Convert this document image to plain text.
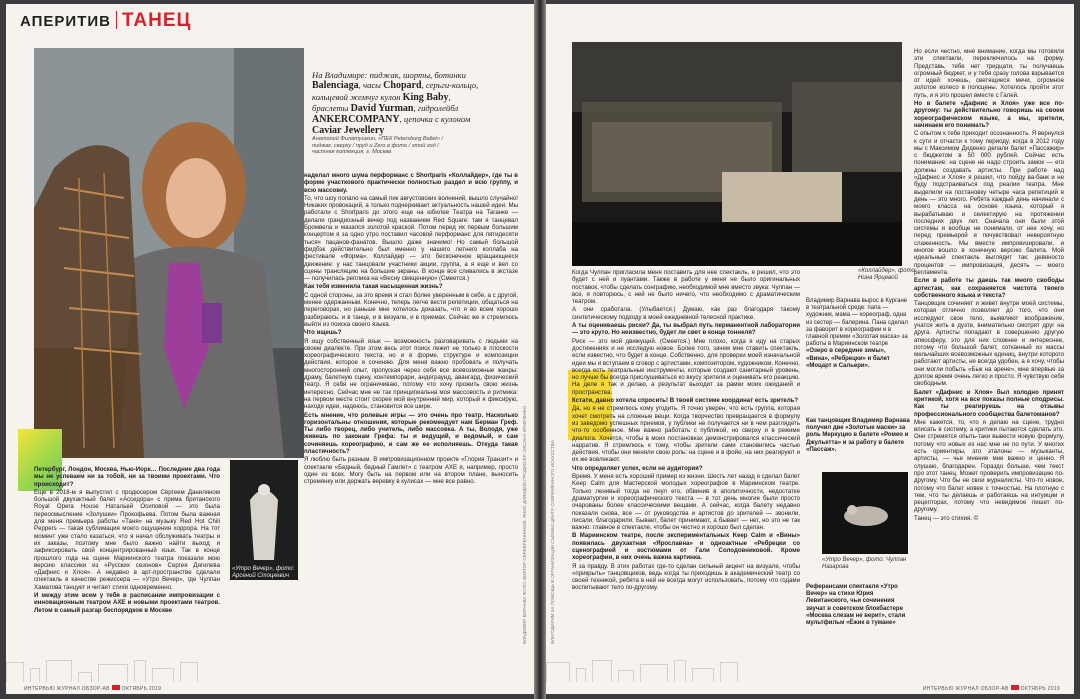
АПЕРИТИВ ТАНЕЦ
На Владимире: пиджак, шорты, ботинки Balenciaga, часы Chopard, серьги-кольцо, кольцевой жемчуг кулон King Baby, браслеты David Yurman, гидролейбл ANKERCOMPANY, цепочка с кулоном Caviar Jewellery
Анатолий Филатушкин, «ПЕК Petersburg Ballet» / пиджак, сверху / пруд и Zerо в фото / этой год / частная коллекция, г. Москва

наделал много шума перформанс с Shortparis «Коллайдер», где ты в форме участкового практически полностью раздел и всю группу, и всю массовку.

То, что шоу попало на самый пик августовских волнений, вышло случайно! Никаких провокаций, а только подчеркивает актуальность нашей идеи. Мы работали с Shortparis до этого еще на юбилее Театра на Таганке — делали грандиозный вечер под названием Red Square: там я танцевал Бромвела и мазался золотой краской. Потом перед их первым большим концертом я за одно утро поставил часовой перформанс для пятидесяти тысяч пацанов-фанатов. Вышло даже значимо! Но самый большой фидбэк действительно был именно у нашего летнего коллаба на фестивале «Форма». Коллайдер — это бесконечное вращающееся движение: у нас танцовали участники акции, группа, а я еще и вел со сцены трансляцию на большие экраны. В конце все сливались в экстазе — получилась реплика на «Весну священную» (Смеется.)

Как тебя изменила такая насыщенная жизнь?

С одной стороны, за это время я стал более уверенным в себе, а с другой, менее одержанным. Конечно, теперь легче вести репетиции, общаться на переговорах, но раньше мне хотелось доказать, что я во всем хорошо разбираюсь: и в танце, и в визуале, и в приемах. Сейчас же я стремлюсь выйти из поиска своего языка.

Что ищешь?

Я ищу собственный язык — возможность разговаривать с людьми на своем диалекте. При этом весь этот поиск лежит не только в плоскости хореографического текста, но и в форме, структуре и композиции действия, которое я сочиняю. Для меня важно пробовать и получать многосторонний опыт, пропуская через себя все всевозможные жанры: драму, балетную сцену, контемпорари, андеграунд, авангард, физический театр. Я себя не ограничиваю, потому что хочу прожить свою жизнь интересно. Сейчас мне не так принципиальна моя массовость и ритмика: на первом месте стоит скорее мой внутренний мир, который я фиксирую, находя идеи, надеюсь, становится все шире.

Есть мнение, что ролевые игры — это очень про театр. Насколько горизонтальны отношения, которые рекомендует нам Берман Греф. Ты либо творец, либо учитель, либо массовка. А ты, Володя, уже живешь по законам Грефа: ты и ведущий, и ведомый, и сам сочиняешь хореографию, и сам же ее исполняешь. Откуда такая пластичность?

Я люблю быть разным. В импровизационном проекте «Глория Транзит» и спектакле «Бедный, бедный Гамлет» с театром АХЕ я, например, просто один из всех. Могу быть на первом или на втором плане, выносить стремянку или держать веревку в кулисах — мне все равно.

Петербург, Лондон, Москва, Нью-Йорк… Последние два года мы не успеваем ни за тобой, ни за твоими проектами. Что происходит?

Еще в 2018-м я выпустил с продюсером Сергеем Даниляном большой двухактный балет «Асседора» с прима британского Royal Opera House Натальей Осиповой — это была переосмысление «Золушки» Прокофьева. Потом была важная для меня премьера работы «Таня» на музыку Red Hot Chili Peppers — такая сублимация моего ощущения хоррора. На тот момент уже стало казаться, что я начал обслуживать театры и их заказы, поэтому мне было важно найти выход и зафиксировать свой концентрированный язык. Так в конце прошлого года на сцене Мариинского театра показали мою версию классики из «Русских сезонов» Сергея Дягилева «Дафнис и Хлоя». А недавно в арт-пространстве сделали спектакль в качестве режиссера — «Утро Вечер», где Чулпан Хаматова танцует и читает стихи одновременно.

И между этим всем у тебя в расписании импровизации с инновационным театром АХЕ и новыми проектами театров. Летом в самый разгар беспорядков в Москве

«Утро Вечер», фото: Арсений Стоцкевич
ИНТЕРВЬЮ ЖУРНАЛ ОБЗОР-АВ ОКТЯБРЬ 2019
ВЛАДИМИР ВАРНАВА ФОТО: ВИКТОР СЕРЕБРЕННИКОВ, ЯНИС ДАВИДОВ ПРОДЮСЕР: ОКСАНА КРАВЧЕНКО
«Коллайдер», фото: Нина Ярцевой

Когда Чулпан пригласила меня поставить для нее спектакль, я решил, что это будет с ней и пуантами. Также в работе у меня не было оригинальных поставок, чтобы сделать сонграфию, необходимой мне вместо звука: Чулпан — все, я повторюсь, с ней не было ничего, что необходимо с драматическим театром.

А они сработала. (Улыбается.) Думаю, как раз благодаря такому синтетическому подходу в моей ежедневной телесной практике.

А ты оцениваешь риски? Да, ты выбрал путь перманентной лаборатории — это круто. Но неизвестно, будет ли свет в конце тоннеля?

Риск — это мой движущий. (Смеется.) Мне плохо, когда я иду на старых достижениях и не исследую новое. Более того, зачем мне ставить спектакль, если известно, что будет в конце. Собственно, для проверки моей изначальной идеи мы и вступаем в сговор с артистами, композитором, художником. Конечно, всегда есть театральные инструменты, которые создают санитарный уровень, но лучше бы всегда прислушиваться ко вкусу зрителя и оценивать его реакцию. На деле я так и делаю, а результат выходит за рамки моих ожиданий и пространства.

Кстати, давно хотела спросить! В твоей системе координат есть зритель?

Да, но я не стремлюсь кому угодить. Я точно уверен, что есть группа, которая хочет смотреть на сложные вещи. Когда творчество превращается в формулу из заведомо успешных приемов, у публики не получается ни в чем разглядеть что-то особенное. Мне важно работать с публикой, но сверху и в режиме диалога. Хочется, чтобы в моих постановках демонстрировался классический нарратив. Я стремлюсь к тому, чтобы зрители сами становились частью действия, чтобы они меняли свою роль: на сцене и в фойе, на них реагируют и их же вовлекают.

Что определяет успех, если не аудитория?

Время. У меня есть хороший пример из жизни. Шесть лет назад я сделал балет Keep Calm для Мастерской молодых хореографов в Мариинском театре. Только ленивый тогда не пнул его, обвинив в аполитичности, недостатке драматургии и хореографического текста — в тот день многие были просто очарованы более классическими вещами. А сейчас, когда балету недавно показали снова, все — от руководства и артистов до зрителей — звонили, писали, благодарили. Бывает, балет принимают, а бывает — нет, но это не так важно: главное в спектакле, чтобы он честно и хорошо был сделан.

В Мариинском театре, после экспериментальных Keep Calm и «Вины» появилась двухактная «Ярославна» и одноактные «Ребрецки со сценографией и костюмами от Гали Солодовниковой. Кроме хореографии, в них очень важна картинка.

Я за правду. В этих работах где-то сделан сильный акцент на визуале, чтобы «прикрыть» танцовщиков, ведь когда ты приходишь в академический театр со своей техникой, ребята в ней не всегда могут использовать, потому что годами воспитывают тело по-другому.

Владимир Варнава вырос в Кургане в театральной среде: папа — художник, мама — хореограф, одна из сестер — балерина. Пана сделал за фаворит в хореографии и в главной премии «Золотая маска» за работы в Мариинском театре «Озеро в середине зимы», «Вина», «Ребрецки» и балет «Моцарт и Сальери».
Как танцовщик Владимир Варнава получил две «Золотые маски» за роль Меркуцио в балете «Ромео и Джульетта» и за работу в балете «Пассаж».
«Утро Вечер», фото: Чулпан Назарова
Реферансами спектакля «Утро Вечер» на стихи Юрия Левитанского, чьи сочинения звучат в советском блокбастере «Москва слезам не верит», стали мультфильм «Ёжик в тумане»

Но если честно, мне внимание, когда мы готовили эти спектакли, переключилось на форму. Представь, тебе нет тридцати, ты получаешь огромный бюджет, и у тебя сразу голова взрывается от идей: хочешь, светящиеся мечи, огромное золотое колесо в полсцены. Хотелось пройти этот путь, и я это прошел вместе с Галей.

Но в балете «Дафнис и Хлоя» уже все по-другому: ты действительно говоришь на своем хореографическом языке, а мы, зрители, начинаем его понимать?

С опытом к тебе приходит осознанность. Я вернулся к сути и отчасти к тому периоду, когда в 2012 году мы с Максимом Диденко делали балет «Пассажир» с бюджетом в 50 000 рублей. Сейчас есть понимание: на сцене не надо строить замок — его должны создавать артисты. При работе над «Дафнис и Хлоя» я решил, что пойду ва-банк и не буду подстраиваться под реалии театра. Мне выделили на постановку четыре часа репетиций в день — это много. Ребята каждый день начинали с моего класса на основе языка, который я вырабатываю и селектирую на протяжении последних двух лет. Сначала они были этой системы и вообще не понимали, от нее хочу, но перед премьерой я почувствовал невероятную слаженность. Мы вместе импровизировали, и многое вошло в конечную версию балета. Мой идеальный спектакль выглядит так: девяносто процентов — импровизация, десять — моего регламента.

Если в работе ты даешь так много свободы артистам, как сохраняется чистота твоего собственного языка и текста?

Танцовщик сочиняет и живет внутри моей системы, которая отлично позволяет до того, что они исследуют свое тело, выявляют воображение, учатся жить в дуэте, внимательно смотрят друг на друга. Артисты попадают в совершенно другую атмосферу, это для них сложнее и интереснее, потому что большой балет, сотканный из массы мельчайших всевозможных единиц, внутри которого работают артисты, не всегда удобен, а я хочу, чтобы они могли побыть «Бык на арене», мне впервые за долгое время очень легко и просто. Я чувствую себя свободным.

Балет «Дафнис и Хлоя» был холодно принят критикой, хотя на все показы полные сподрисы. Как ты реагируешь на отзывы профессионального сообщества балетоманов?

Мне кажется, то, что я делаю на сцене, трудно вписать в систему, а критики пытаются сделать это. Они стремятся опыть-таки вывести новую формулу, потому что новых из нас мне не по пути. У многих есть ориентиры, это эталоны — музыканты, артисты, — чье мнение мне важно и ценно. Я слушаю, благодарен. Гораздо больше, чем текст про этот танец. Может проверить импровизацию по-другому. Что бы не свои журналисты. Что-то новое, потому что балет новее с точностью. На плотную с тем, что ты делаешь и работаешь на интуиции и рецепторах, потому что невидимое пишет по-другому.

Танец — это стихия. ©

ИНТЕРВЬЮ ЖУРНАЛ ОБЗОР-АВ ОКТЯБРЬ 2019
БЛАГОДАРИМ ЗА ПОМОЩЬ В ОРГАНИЗАЦИИ СЪЕМКИ ЦЕНТР СОВРЕМЕННОГО ИСКУССТВА
